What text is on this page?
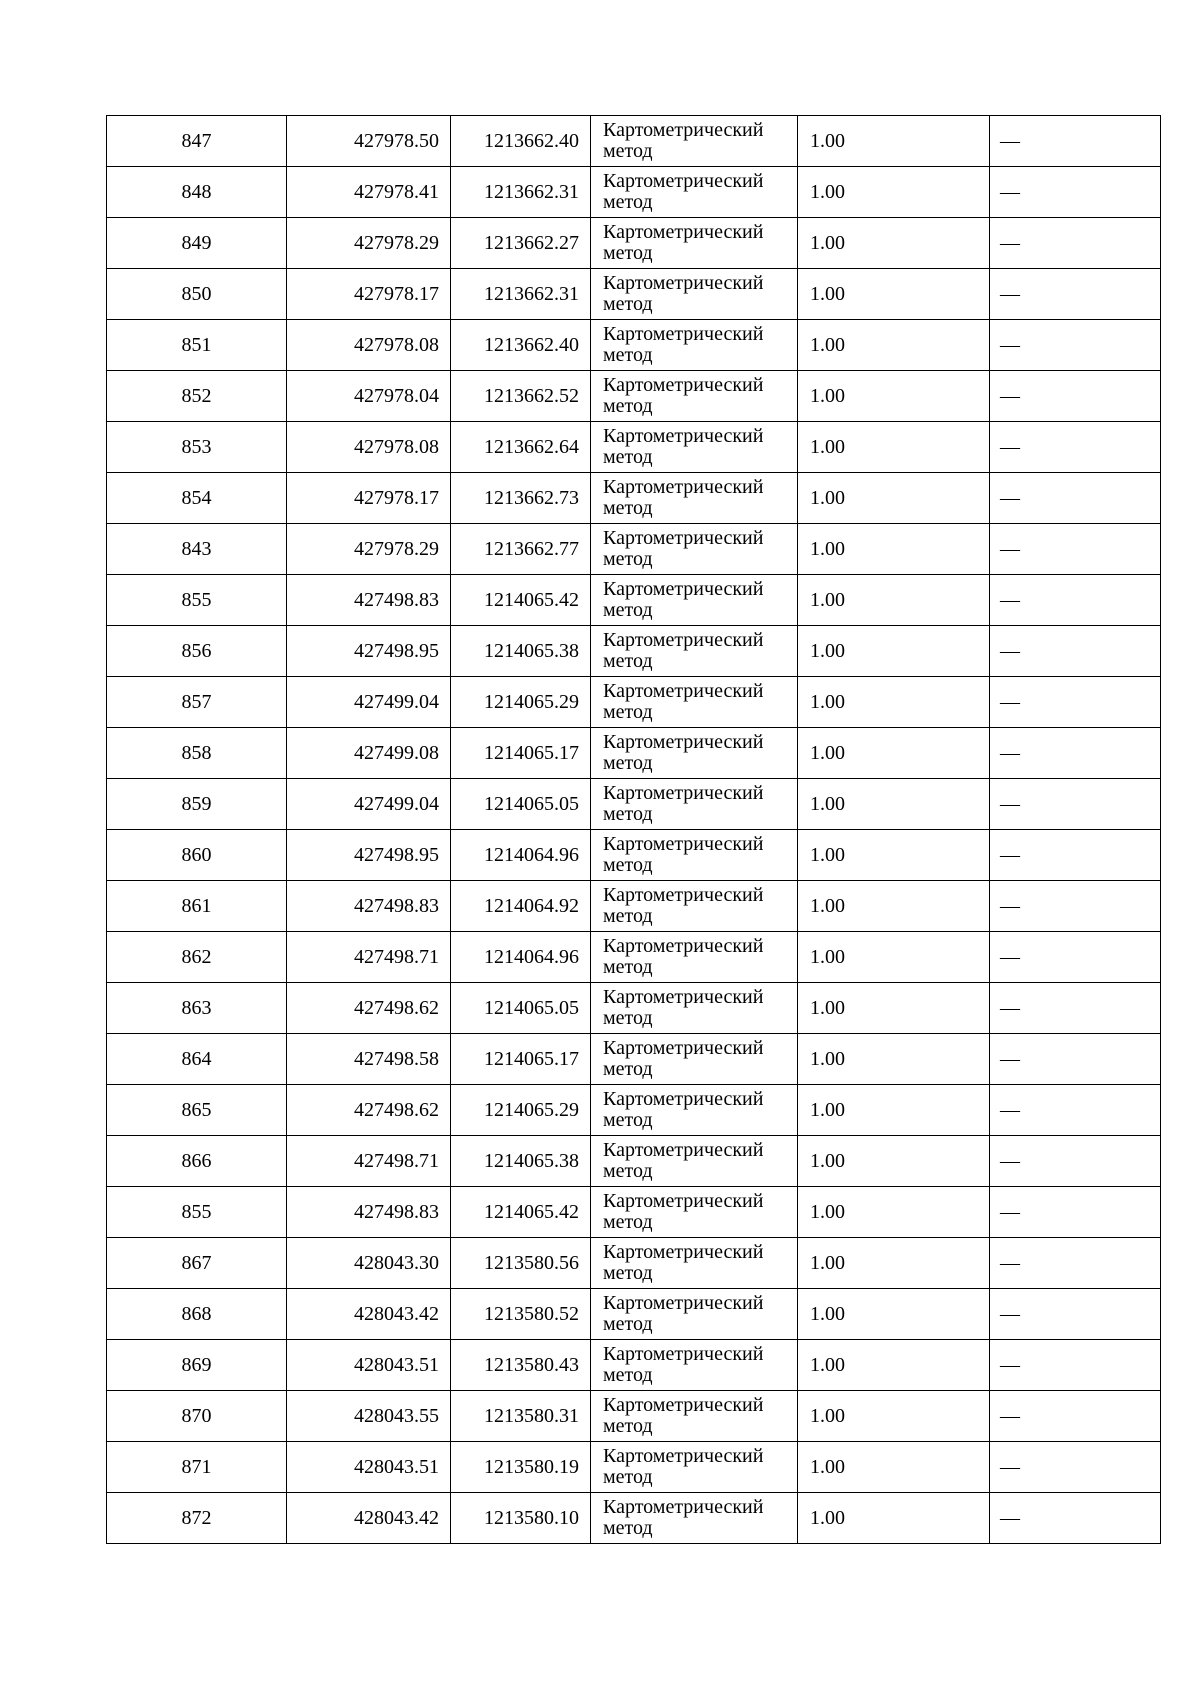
847	427978.50	1213662.40	Картометрический
метод	1.00	—
848	427978.41	1213662.31	Картометрический
метод	1.00	—
849	427978.29	1213662.27	Картометрический
метод	1.00	—
850	427978.17	1213662.31	Картометрический
метод	1.00	—
851	427978.08	1213662.40	Картометрический
метод	1.00	—
852	427978.04	1213662.52	Картометрический
метод	1.00	—
853	427978.08	1213662.64	Картометрический
метод	1.00	—
854	427978.17	1213662.73	Картометрический
метод	1.00	—
843	427978.29	1213662.77	Картометрический
метод	1.00	—
855	427498.83	1214065.42	Картометрический
метод	1.00	—
856	427498.95	1214065.38	Картометрический
метод	1.00	—
857	427499.04	1214065.29	Картометрический
метод	1.00	—
858	427499.08	1214065.17	Картометрический
метод	1.00	—
859	427499.04	1214065.05	Картометрический
метод	1.00	—
860	427498.95	1214064.96	Картометрический
метод	1.00	—
861	427498.83	1214064.92	Картометрический
метод	1.00	—
862	427498.71	1214064.96	Картометрический
метод	1.00	—
863	427498.62	1214065.05	Картометрический
метод	1.00	—
864	427498.58	1214065.17	Картометрический
метод	1.00	—
865	427498.62	1214065.29	Картометрический
метод	1.00	—
866	427498.71	1214065.38	Картометрический
метод	1.00	—
855	427498.83	1214065.42	Картометрический
метод	1.00	—
867	428043.30	1213580.56	Картометрический
метод	1.00	—
868	428043.42	1213580.52	Картометрический
метод	1.00	—
869	428043.51	1213580.43	Картометрический
метод	1.00	—
870	428043.55	1213580.31	Картометрический
метод	1.00	—
871	428043.51	1213580.19	Картометрический
метод	1.00	—
872	428043.42	1213580.10	Картометрический
метод	1.00	—
